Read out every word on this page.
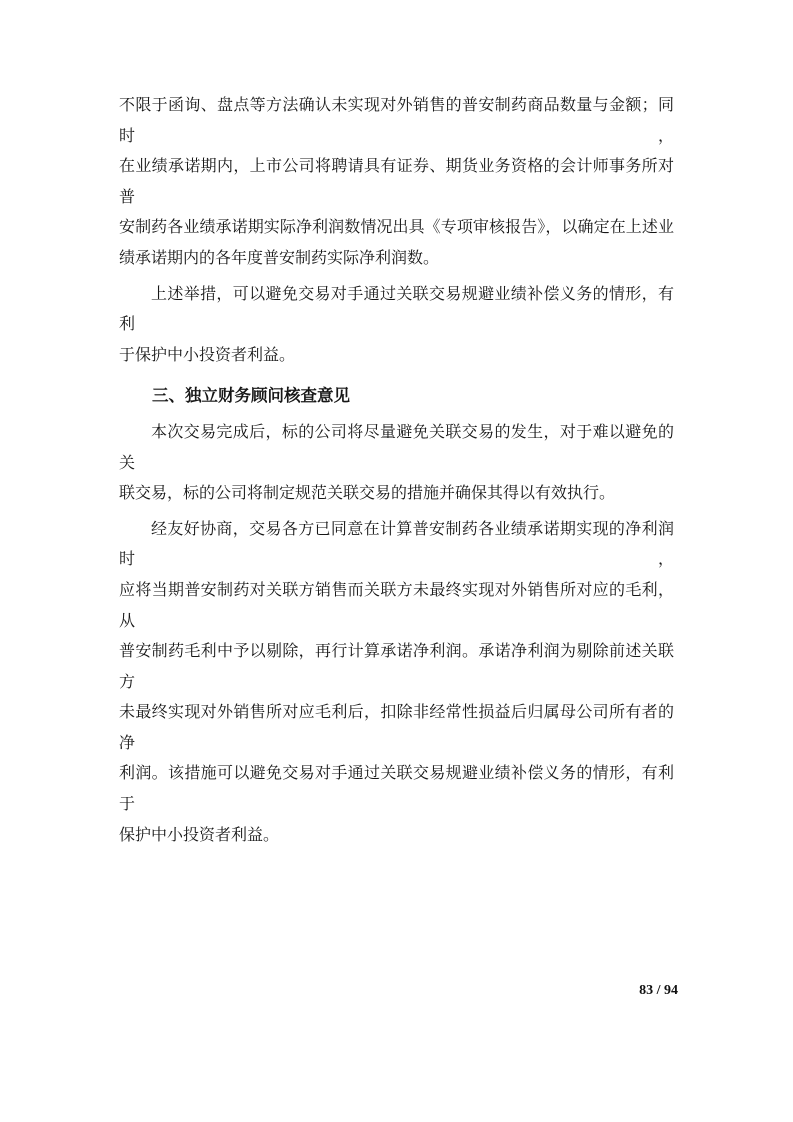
不限于函询、盘点等方法确认未实现对外销售的普安制药商品数量与金额；同时，
在业绩承诺期内，上市公司将聘请具有证券、期货业务资格的会计师事务所对普
安制药各业绩承诺期实际净利润数情况出具《专项审核报告》，以确定在上述业
绩承诺期内的各年度普安制药实际净利润数。
上述举措，可以避免交易对手通过关联交易规避业绩补偿义务的情形，有利
于保护中小投资者利益。
三、独立财务顾问核查意见
本次交易完成后，标的公司将尽量避免关联交易的发生，对于难以避免的关
联交易，标的公司将制定规范关联交易的措施并确保其得以有效执行。
经友好协商，交易各方已同意在计算普安制药各业绩承诺期实现的净利润时，
应将当期普安制药对关联方销售而关联方未最终实现对外销售所对应的毛利，从
普安制药毛利中予以剔除，再行计算承诺净利润。承诺净利润为剔除前述关联方
未最终实现对外销售所对应毛利后，扣除非经常性损益后归属母公司所有者的净
利润。该措施可以避免交易对手通过关联交易规避业绩补偿义务的情形，有利于
保护中小投资者利益。
83 / 94
